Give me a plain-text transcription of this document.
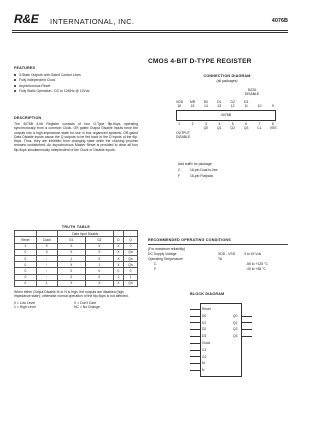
R&E INTERNATIONAL, INC.	4076B
CMOS 4-BIT D-TYPE REGISTER
FEATURES
3-State Outputs with Gated Control Lines
Fully Independent Clock
Asynchronous Reset
Fully Static Operation : DC to 12MHz @ 10Vdc
DESCRIPTION

The 4076B 4-bit Register consists of four D-Type flip-flops operating synchronously from a common Clock. OR gated Output Disable inputs force the outputs into a high-impedance state for use in bus organized systems. OR-gated Data Disable inputs cause the Q outputs to be fed back to the D inputs of the flip-flops. Thus, they are inhibited from changing state while the clocking process remains undisturbed. An asynchronous Master Reset is provided to clear all four flip-flops simultaneously independent of the Clock or Disable inputs.

CONNECTION DIAGRAM
(all packages)
DATA
DISABLE
VDD MR	D0	D1	D2	D3
16	15	14	13	12	11	10	9
4076B
1	2	3	4	5	6	7	8
Q0	Q1	Q2	Q3	CL VSS
OUTPUT
DISABLE
Add suffix for package:
C	16-pin Dual In-line
F	16-pin Flatpack
TRUTH TABLE					
		Data Input Disable			
Reset	Clock	G1	G2	D	Q
1	X	X	X	X	0
0	0	X	X	X	Qn
0	↑	1	X	X	Qn
0	↑	X	1	X	Qn
0	↑	0	0	0	0
0	↑	0	0	1	1
0	1	X	X	X	Qn
When either Output Disable M or N is high, the outputs are disabled (high impedance state); otherwise normal operation of the flip-flops is not affected.
0 = Low Level	X = Don't Care
1 = High Level	NC = No Change
RECOMMENDED OPERATING CONDITIONS
(For maximum reliability)
DC Supply Voltage	VDD - VSS	3 to 15 Vdc
Operating Temperature	TA
C	-55 to +125 °C
F	-40 to +85 °C
BLOCK DIAGRAM
Reset
D0
D1
D2
D3
Clock
G1
G2
M
N
Q0
Q1
Q2
Q3
